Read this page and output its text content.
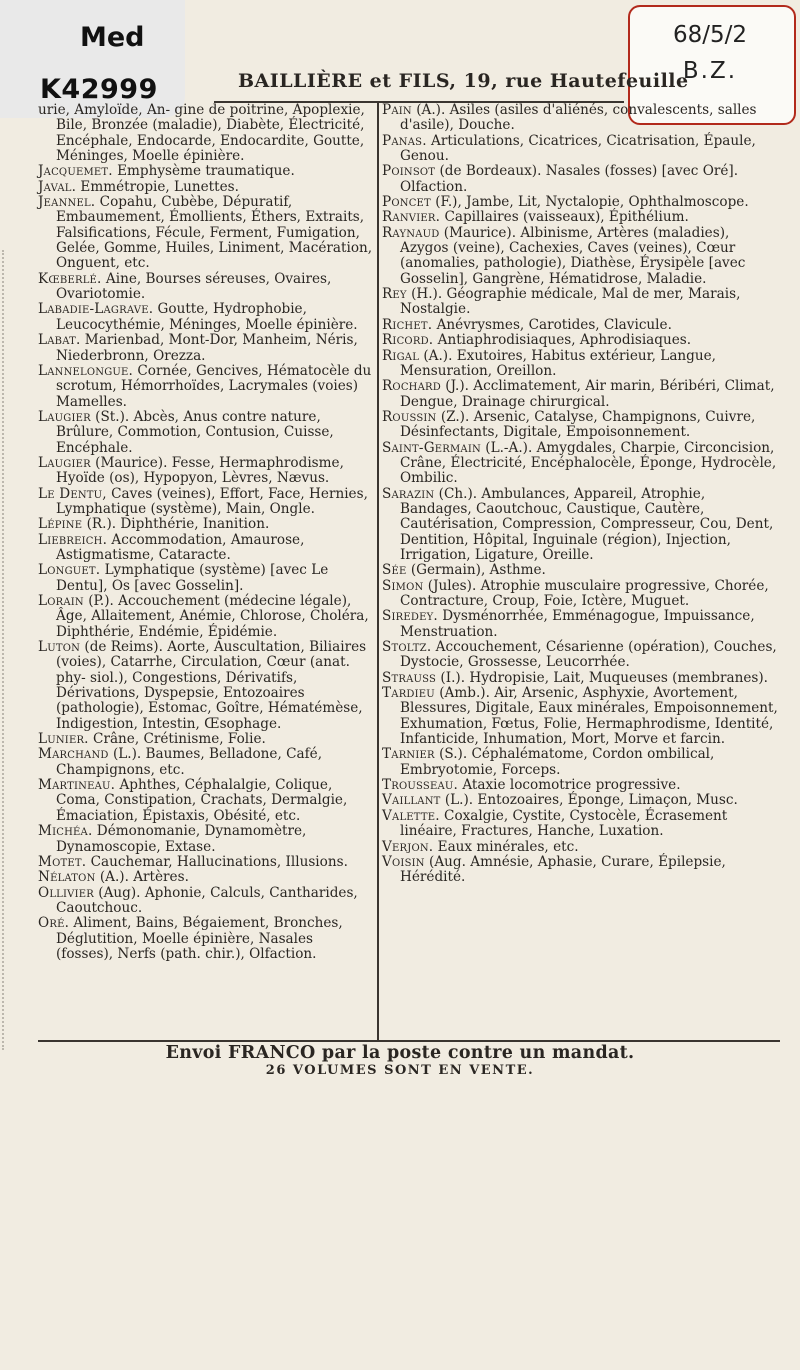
Med
K42999
68/5/2
B.Z.
BAILLIÈRE et FILS, 19, rue Hautefeuille
urie, Amyloïde, An- gine de poitrine, Apoplexie, Bile, Bronzée (maladie), Diabète, Électricité, Encéphale, Endocarde, Endocardite, Goutte, Méninges, Moelle épinière.
Jacquemet. Emphysème traumatique.
Javal. Emmétropie, Lunettes.
Jeannel. Copahu, Cubèbe, Dépuratif, Embaumement, Émollients, Éthers, Extraits, Falsifications, Fécule, Ferment, Fumigation, Gelée, Gomme, Huiles, Liniment, Macération, Onguent, etc.
Kœberlé. Aine, Bourses séreuses, Ovaires, Ovariotomie.
Labadie-Lagrave. Goutte, Hydrophobie, Leucocythémie, Méninges, Moelle épinière.
Labat. Marienbad, Mont-Dor, Manheim, Néris, Niederbronn, Orezza.
Lannelongue. Cornée, Gencives, Hématocèle du scrotum, Hémorrhoïdes, Lacrymales (voies) Mamelles.
Laugier (St.). Abcès, Anus contre nature, Brûlure, Commotion, Contusion, Cuisse, Encéphale.
Laugier (Maurice). Fesse, Hermaphrodisme, Hyoïde (os), Hypopyon, Lèvres, Nævus.
Le Dentu, Caves (veines), Effort, Face, Hernies, Lymphatique (système), Main, Ongle.
Lépine (R.). Diphthérie, Inanition.
Liebreich. Accommodation, Amaurose, Astigmatisme, Cataracte.
Longuet. Lymphatique (système) [avec Le Dentu], Os [avec Gosselin].
Lorain (P.). Accouchement (médecine légale), Âge, Allaitement, Anémie, Chlorose, Choléra, Diphthérie, Endémie, Épidémie.
Luton (de Reims). Aorte, Auscultation, Biliaires (voies), Catarrhe, Circulation, Cœur (anat. phy- siol.), Congestions, Dérivatifs, Dérivations, Dyspepsie, Entozoaires (pathologie), Estomac, Goître, Hématémèse, Indigestion, Intestin, Œsophage.
Lunier. Crâne, Crétinisme, Folie.
Marchand (L.). Baumes, Belladone, Café, Champignons, etc.
Martineau. Aphthes, Céphalalgie, Colique, Coma, Constipation, Crachats, Dermalgie, Émaciation, Épistaxis, Obésité, etc.
Michéa. Démonomanie, Dynamomètre, Dynamoscopie, Extase.
Motet. Cauchemar, Hallucinations, Illusions.
Nélaton (A.). Artères.
Ollivier (Aug). Aphonie, Calculs, Cantharides, Caoutchouc.
Oré. Aliment, Bains, Bégaiement, Bronches, Déglutition, Moelle épinière, Nasales (fosses), Nerfs (path. chir.), Olfaction.
Pain (A.). Asiles (asiles d'aliénés, convalescents, salles d'asile), Douche.
Panas. Articulations, Cicatrices, Cicatrisation, Épaule, Genou.
Poinsot (de Bordeaux). Nasales (fosses) [avec Oré]. Olfaction.
Poncet (F.), Jambe, Lit, Nyctalopie, Ophthalmoscope.
Ranvier. Capillaires (vaisseaux), Épithélium.
Raynaud (Maurice). Albinisme, Artères (maladies), Azygos (veine), Cachexies, Caves (veines), Cœur (anomalies, pathologie), Diathèse, Érysipèle [avec Gosselin], Gangrène, Hématidrose, Maladie.
Rey (H.). Géographie médicale, Mal de mer, Marais, Nostalgie.
Richet. Anévrysmes, Carotides, Clavicule.
Ricord. Antiaphrodisiaques, Aphrodisiaques.
Rigal (A.). Exutoires, Habitus extérieur, Langue, Mensuration, Oreillon.
Rochard (J.). Acclimatement, Air marin, Béribéri, Climat, Dengue, Drainage chirurgical.
Roussin (Z.). Arsenic, Catalyse, Champignons, Cuivre, Désinfectants, Digitale, Empoisonnement.
Saint-Germain (L.-A.). Amygdales, Charpie, Circoncision, Crâne, Électricité, Encéphalocèle, Éponge, Hydrocèle, Ombilic.
Sarazin (Ch.). Ambulances, Appareil, Atrophie, Bandages, Caoutchouc, Caustique, Cautère, Cautérisation, Compression, Compresseur, Cou, Dent, Dentition, Hôpital, Inguinale (région), Injection, Irrigation, Ligature, Oreille.
Sée (Germain), Asthme.
Simon (Jules). Atrophie musculaire progressive, Chorée, Contracture, Croup, Foie, Ictère, Muguet.
Siredey. Dysménorrhée, Emménagogue, Impuissance, Menstruation.
Stoltz. Accouchement, Césarienne (opération), Couches, Dystocie, Grossesse, Leucorrhée.
Strauss (I.). Hydropisie, Lait, Muqueuses (membranes).
Tardieu (Amb.). Air, Arsenic, Asphyxie, Avortement, Blessures, Digitale, Eaux minérales, Empoisonnement, Exhumation, Fœtus, Folie, Hermaphrodisme, Identité, Infanticide, Inhumation, Mort, Morve et farcin.
Tarnier (S.). Céphalématome, Cordon ombilical, Embryotomie, Forceps.
Trousseau. Ataxie locomotrice progressive.
Vaillant (L.). Entozoaires, Éponge, Limaçon, Musc.
Valette. Coxalgie, Cystite, Cystocèle, Écrasement linéaire, Fractures, Hanche, Luxation.
Verjon. Eaux minérales, etc.
Voisin (Aug. Amnésie, Aphasie, Curare, Épilepsie, Hérédité.
Envoi FRANCO par la poste contre un mandat.
26 VOLUMES SONT EN VENTE.
